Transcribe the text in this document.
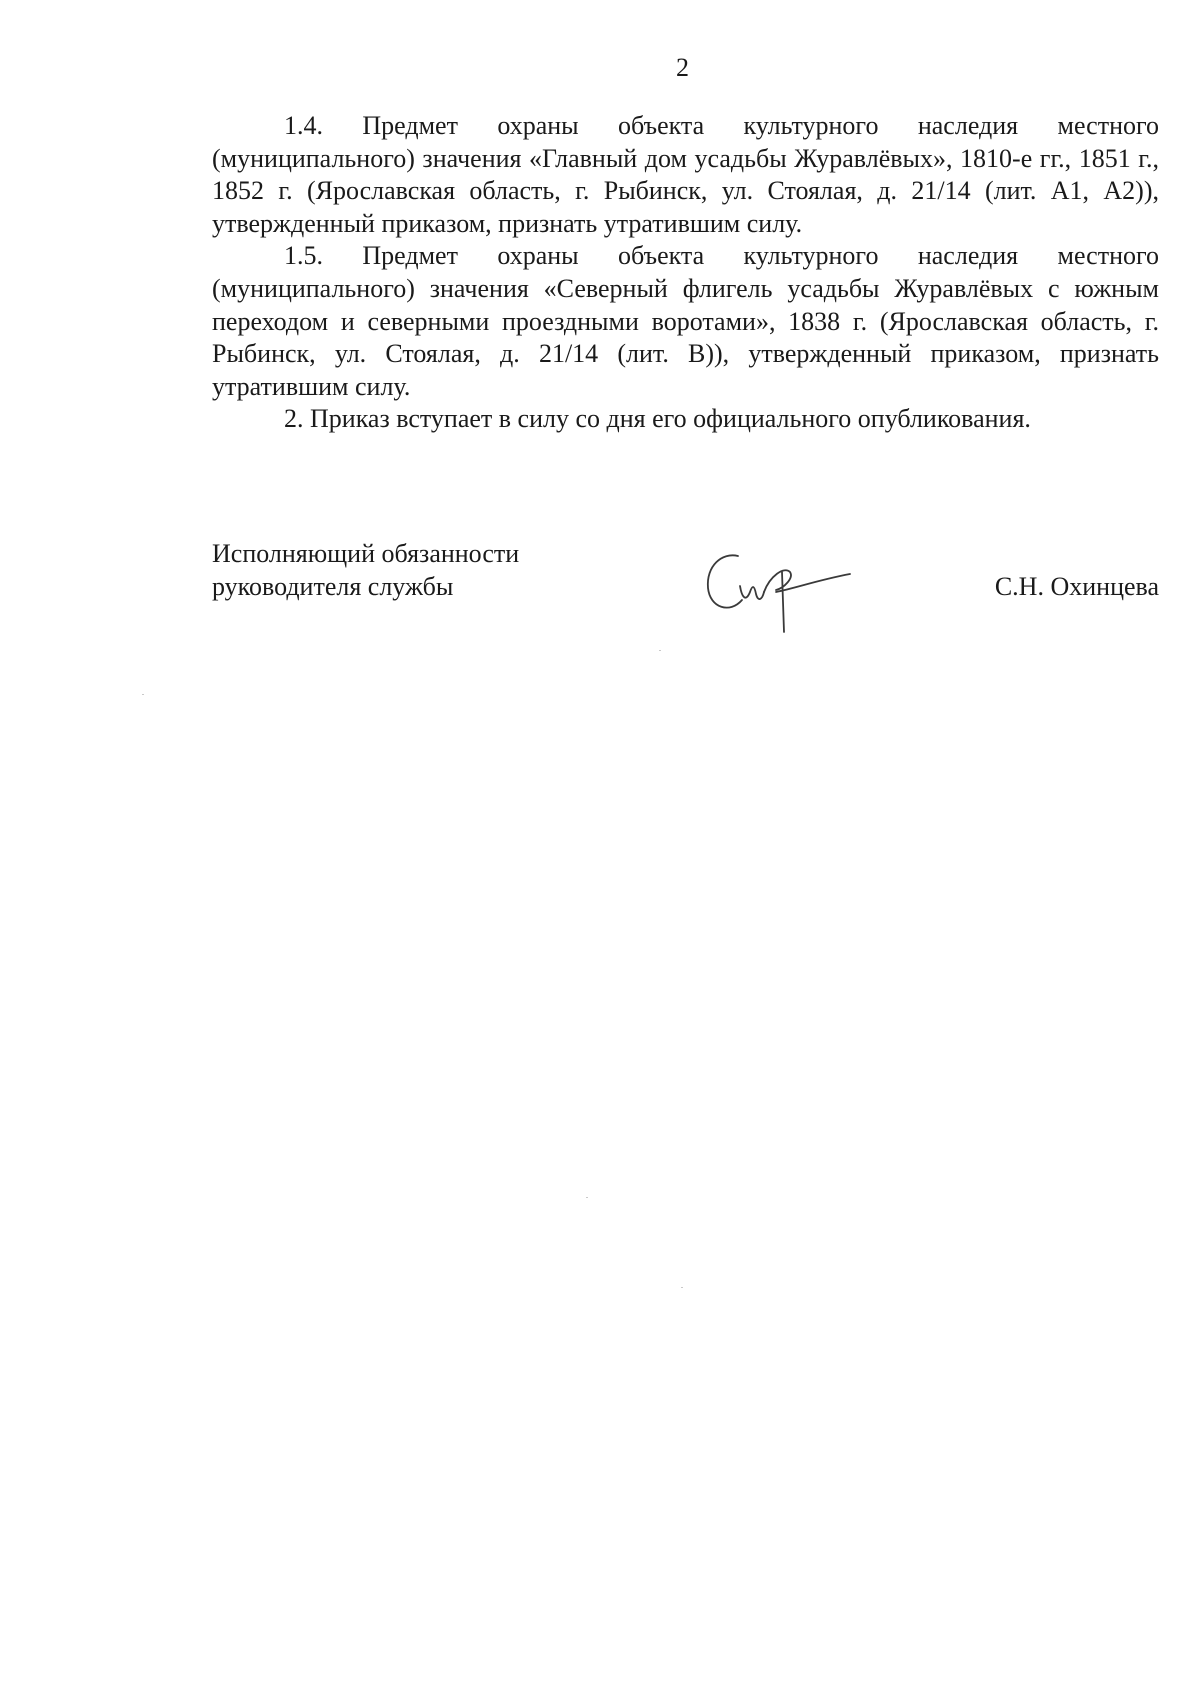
2

1.4. Предмет охраны объекта культурного наследия местного (муниципального) значения «Главный дом усадьбы Журавлёвых», 1810-е гг., 1851 г., 1852 г. (Ярославская область, г. Рыбинск, ул. Стоялая, д. 21/14 (лит. А1, А2)), утвержденный приказом, признать утратившим силу.

1.5. Предмет охраны объекта культурного наследия местного (муниципального) значения «Северный флигель усадьбы Журавлёвых с южным переходом и северными проездными воротами», 1838 г. (Ярославская область, г. Рыбинск, ул. Стоялая, д. 21/14 (лит. В)), утвержденный приказом, признать утратившим силу.

2. Приказ вступает в силу со дня его официального опубликования.

Исполняющий обязанности
руководителя службы	С.Н. Охинцева
